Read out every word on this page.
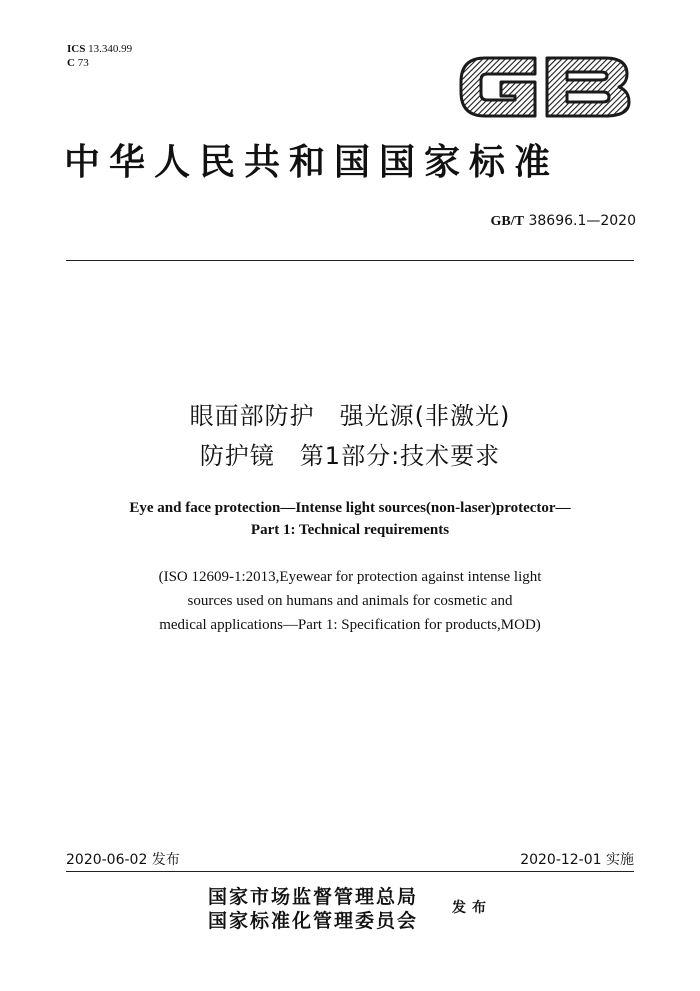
ICS 13.340.99
C 73
中华人民共和国国家标准
GB/T 38696.1—2020
眼面部防护　强光源(非激光)
防护镜　第1部分:技术要求
Eye and face protection—Intense light sources(non-laser)protector—
Part 1: Technical requirements
(ISO 12609-1:2013,Eyewear for protection against intense light
sources used on humans and animals for cosmetic and
medical applications—Part 1: Specification for products,MOD)
2020-06-02 发布	2020-12-01 实施
国家市场监督管理总局
国家标准化管理委员会
发布
